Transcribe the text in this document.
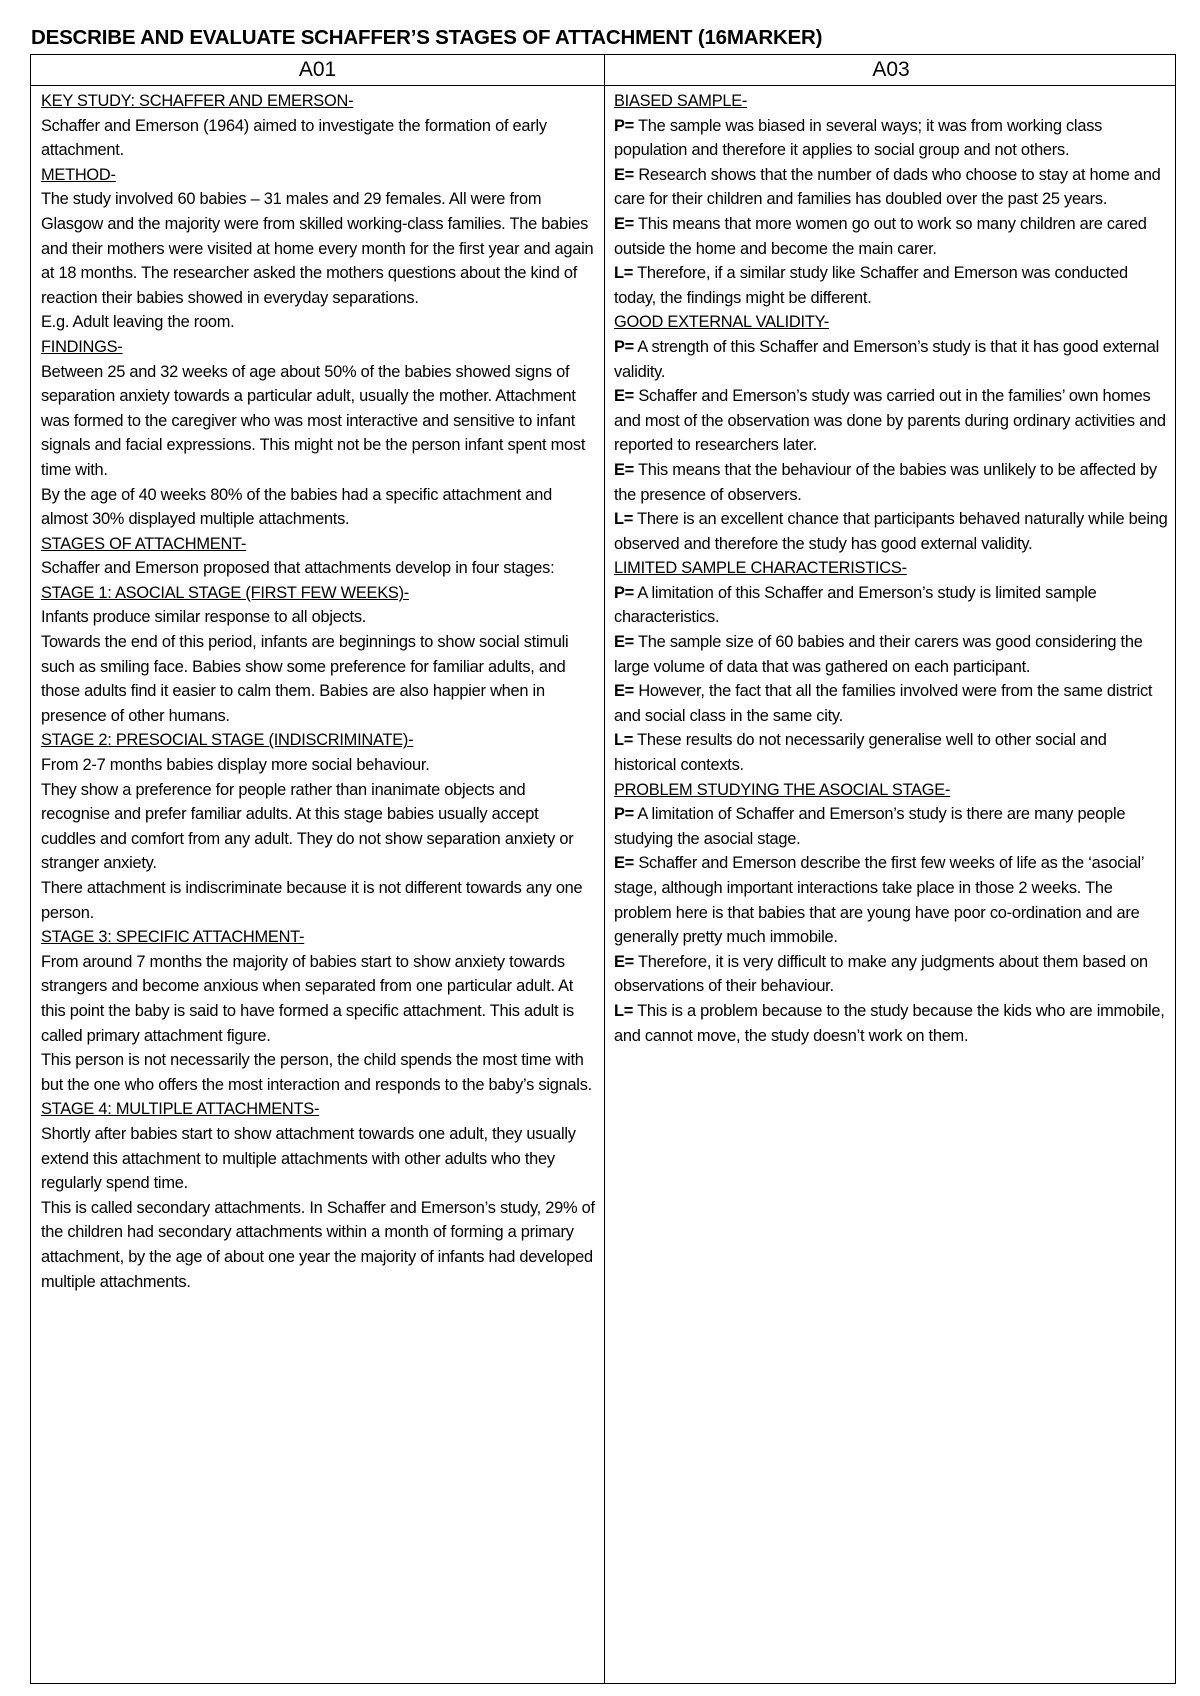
DESCRIBE AND EVALUATE SCHAFFER’S STAGES OF ATTACHMENT (16MARKER)
A01	A03

KEY STUDY: SCHAFFER AND EMERSON-

Schaffer and Emerson (1964) aimed to investigate the formation of early attachment.

METHOD-

The study involved 60 babies – 31 males and 29 females. All were from Glasgow and the majority were from skilled working-class families. The babies and their mothers were visited at home every month for the first year and again at 18 months. The researcher asked the mothers questions about the kind of reaction their babies showed in everyday separations.

E.g. Adult leaving the room.

FINDINGS-

Between 25 and 32 weeks of age about 50% of the babies showed signs of separation anxiety towards a particular adult, usually the mother. Attachment was formed to the caregiver who was most interactive and sensitive to infant signals and facial expressions. This might not be the person infant spent most time with.

By the age of 40 weeks 80% of the babies had a specific attachment and almost 30% displayed multiple attachments.

STAGES OF ATTACHMENT-

Schaffer and Emerson proposed that attachments develop in four stages:

STAGE 1: ASOCIAL STAGE (FIRST FEW WEEKS)-

Infants produce similar response to all objects.

Towards the end of this period, infants are beginnings to show social stimuli such as smiling face. Babies show some preference for familiar adults, and those adults find it easier to calm them. Babies are also happier when in presence of other humans.

STAGE 2: PRESOCIAL STAGE (INDISCRIMINATE)-

From 2-7 months babies display more social behaviour.

They show a preference for people rather than inanimate objects and recognise and prefer familiar adults. At this stage babies usually accept cuddles and comfort from any adult. They do not show separation anxiety or stranger anxiety.

There attachment is indiscriminate because it is not different towards any one person.

STAGE 3: SPECIFIC ATTACHMENT-

From around 7 months the majority of babies start to show anxiety towards strangers and become anxious when separated from one particular adult. At this point the baby is said to have formed a specific attachment. This adult is called primary attachment figure.

This person is not necessarily the person, the child spends the most time with but the one who offers the most interaction and responds to the baby’s signals.

STAGE 4: MULTIPLE ATTACHMENTS-

Shortly after babies start to show attachment towards one adult, they usually extend this attachment to multiple attachments with other adults who they regularly spend time.

This is called secondary attachments. In Schaffer and Emerson’s study, 29% of the children had secondary attachments within a month of forming a primary attachment, by the age of about one year the majority of infants had developed multiple attachments.

BIASED SAMPLE-

P= The sample was biased in several ways; it was from working class population and therefore it applies to social group and not others.

E= Research shows that the number of dads who choose to stay at home and care for their children and families has doubled over the past 25 years.

E= This means that more women go out to work so many children are cared outside the home and become the main carer.

L= Therefore, if a similar study like Schaffer and Emerson was conducted today, the findings might be different.

GOOD EXTERNAL VALIDITY-

P= A strength of this Schaffer and Emerson’s study is that it has good external validity.

E= Schaffer and Emerson’s study was carried out in the families’ own homes and most of the observation was done by parents during ordinary activities and reported to researchers later.

E= This means that the behaviour of the babies was unlikely to be affected by the presence of observers.

L= There is an excellent chance that participants behaved naturally while being observed and therefore the study has good external validity.

LIMITED SAMPLE CHARACTERISTICS-

P= A limitation of this Schaffer and Emerson’s study is limited sample characteristics.

E= The sample size of 60 babies and their carers was good considering the large volume of data that was gathered on each participant.

E= However, the fact that all the families involved were from the same district and social class in the same city.

L= These results do not necessarily generalise well to other social and historical contexts.

PROBLEM STUDYING THE ASOCIAL STAGE-

P= A limitation of Schaffer and Emerson’s study is there are many people studying the asocial stage.

E= Schaffer and Emerson describe the first few weeks of life as the ‘asocial’ stage, although important interactions take place in those 2 weeks. The problem here is that babies that are young have poor co-ordination and are generally pretty much immobile.

E= Therefore, it is very difficult to make any judgments about them based on observations of their behaviour.

L= This is a problem because to the study because the kids who are immobile, and cannot move, the study doesn’t work on them.
